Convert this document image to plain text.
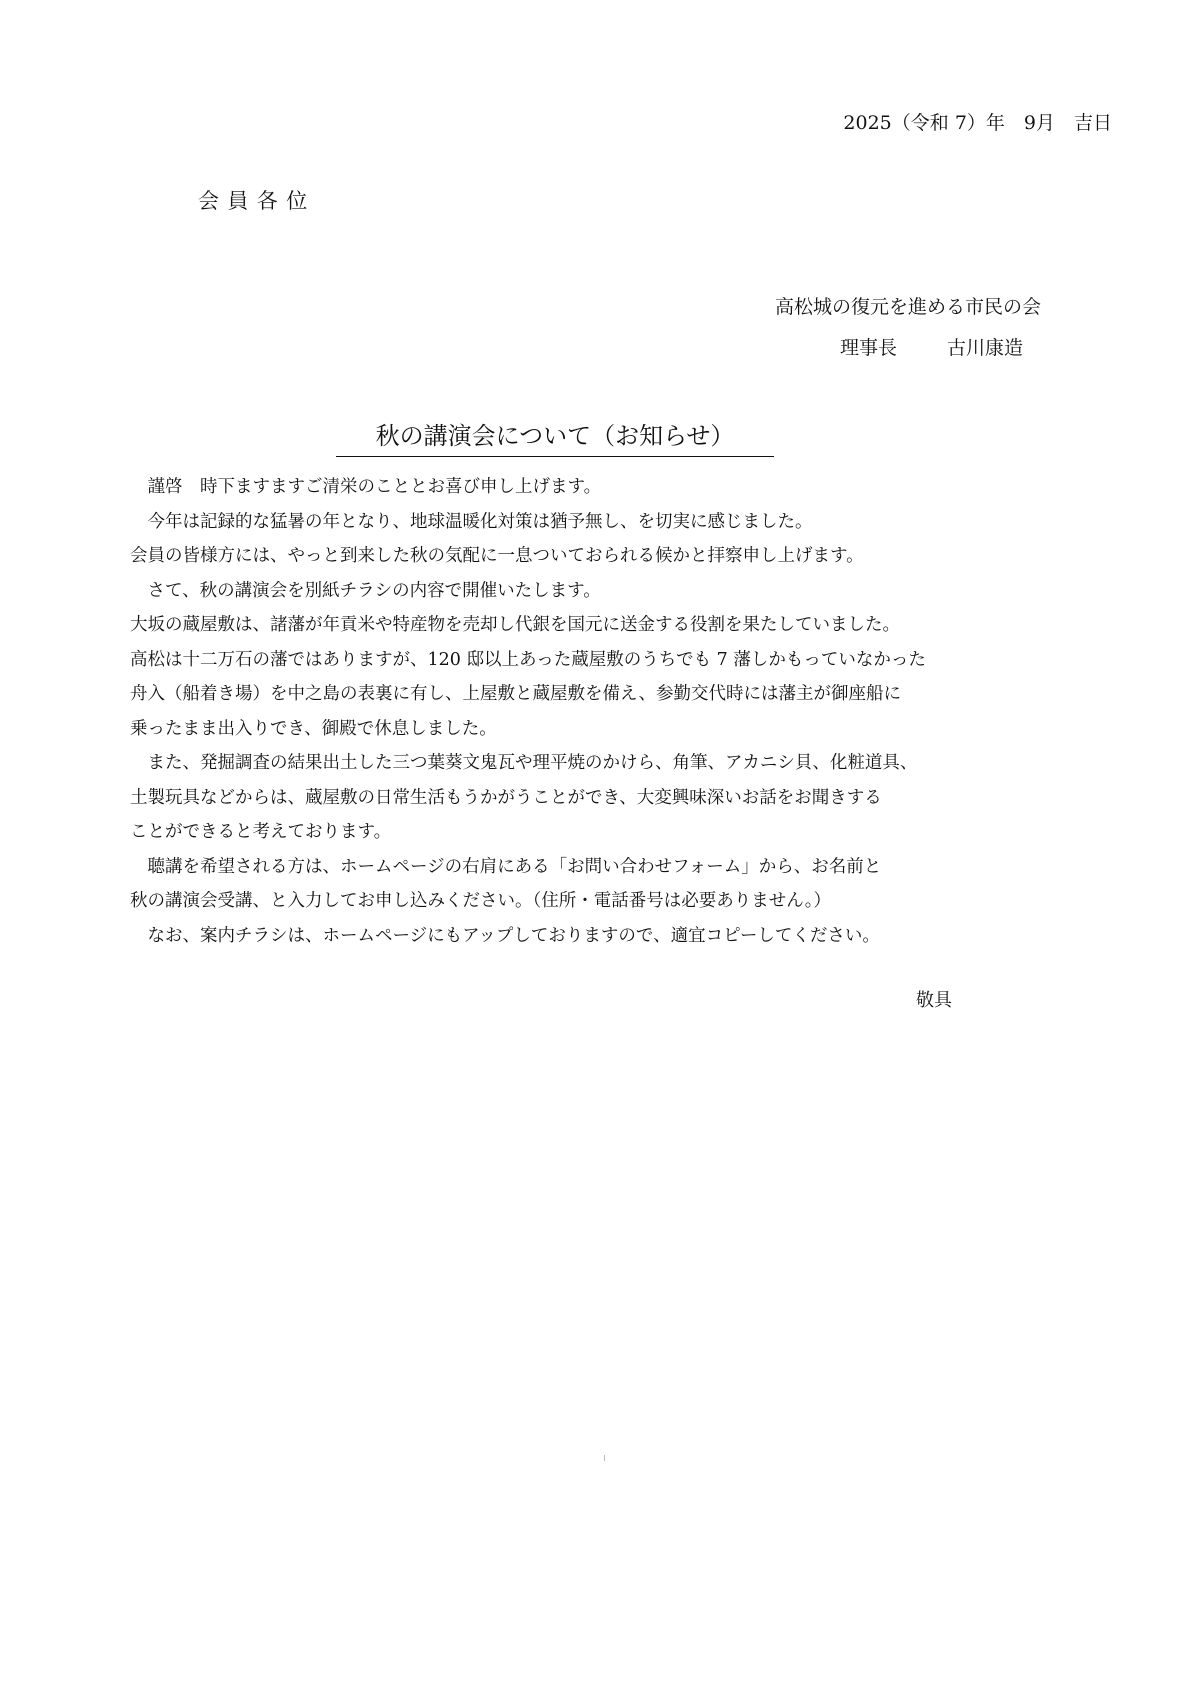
2025（令和 7）年　9月　吉日
会員各位
高松城の復元を進める市民の会
理事長	古川康造
秋の講演会について（お知らせ）

　謹啓　時下ますますご清栄のこととお喜び申し上げます。

　今年は記録的な猛暑の年となり、地球温暖化対策は猶予無し、を切実に感じました。

会員の皆様方には、やっと到来した秋の気配に一息ついておられる候かと拝察申し上げます。

　さて、秋の講演会を別紙チラシの内容で開催いたします。

大坂の蔵屋敷は、諸藩が年貢米や特産物を売却し代銀を国元に送金する役割を果たしていました。

高松は十二万石の藩ではありますが、120 邸以上あった蔵屋敷のうちでも 7 藩しかもっていなかった

舟入（船着き場）を中之島の表裏に有し、上屋敷と蔵屋敷を備え、参勤交代時には藩主が御座船に

乗ったまま出入りでき、御殿で休息しました。

　また、発掘調査の結果出土した三つ葉葵文鬼瓦や理平焼のかけら、角筆、アカニシ貝、化粧道具、

土製玩具などからは、蔵屋敷の日常生活もうかがうことができ、大変興味深いお話をお聞きする

ことができると考えております。

　聴講を希望される方は、ホームページの右肩にある「お問い合わせフォーム」から、お名前と

秋の講演会受講、と入力してお申し込みください。（住所・電話番号は必要ありません。）

　なお、案内チラシは、ホームページにもアップしておりますので、適宜コピーしてください。

敬具
